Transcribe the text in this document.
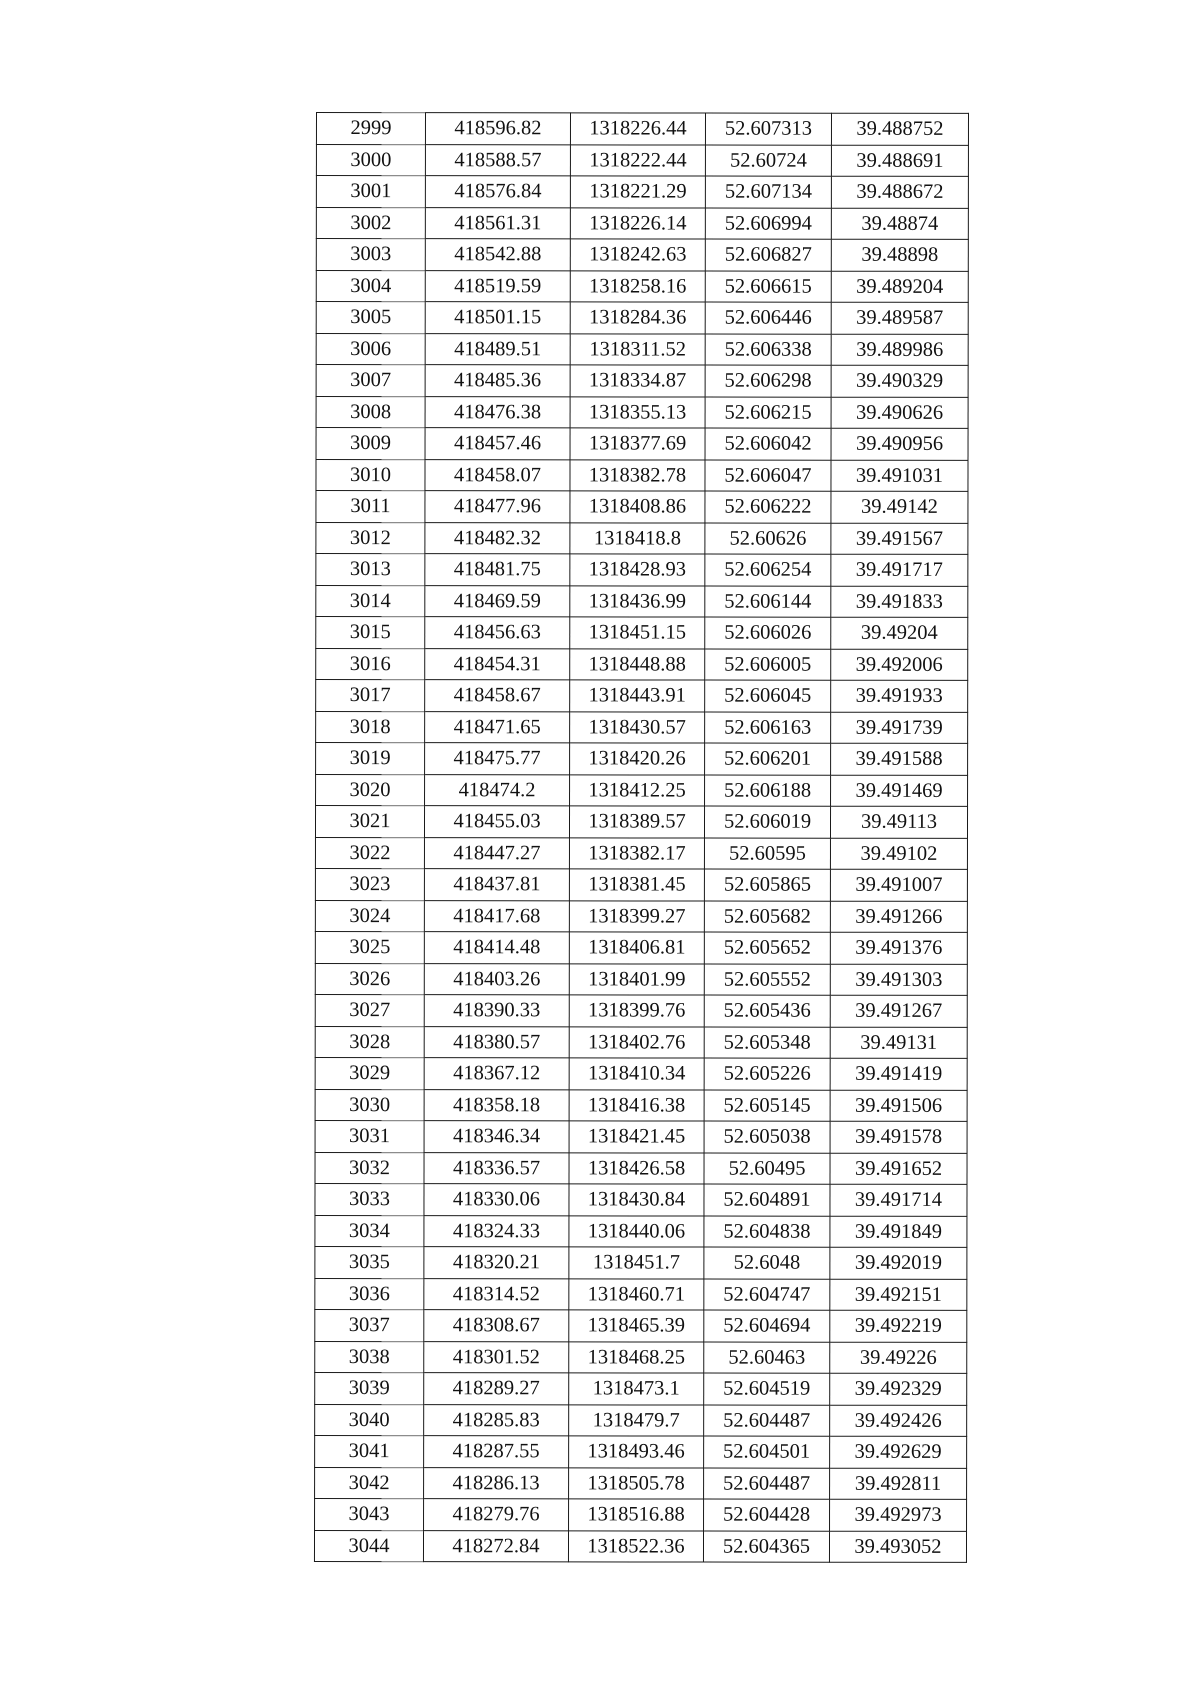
2999	418596.82	1318226.44	52.607313	39.488752
3000	418588.57	1318222.44	52.60724	39.488691
3001	418576.84	1318221.29	52.607134	39.488672
3002	418561.31	1318226.14	52.606994	39.48874
3003	418542.88	1318242.63	52.606827	39.48898
3004	418519.59	1318258.16	52.606615	39.489204
3005	418501.15	1318284.36	52.606446	39.489587
3006	418489.51	1318311.52	52.606338	39.489986
3007	418485.36	1318334.87	52.606298	39.490329
3008	418476.38	1318355.13	52.606215	39.490626
3009	418457.46	1318377.69	52.606042	39.490956
3010	418458.07	1318382.78	52.606047	39.491031
3011	418477.96	1318408.86	52.606222	39.49142
3012	418482.32	1318418.8	52.60626	39.491567
3013	418481.75	1318428.93	52.606254	39.491717
3014	418469.59	1318436.99	52.606144	39.491833
3015	418456.63	1318451.15	52.606026	39.49204
3016	418454.31	1318448.88	52.606005	39.492006
3017	418458.67	1318443.91	52.606045	39.491933
3018	418471.65	1318430.57	52.606163	39.491739
3019	418475.77	1318420.26	52.606201	39.491588
3020	418474.2	1318412.25	52.606188	39.491469
3021	418455.03	1318389.57	52.606019	39.49113
3022	418447.27	1318382.17	52.60595	39.49102
3023	418437.81	1318381.45	52.605865	39.491007
3024	418417.68	1318399.27	52.605682	39.491266
3025	418414.48	1318406.81	52.605652	39.491376
3026	418403.26	1318401.99	52.605552	39.491303
3027	418390.33	1318399.76	52.605436	39.491267
3028	418380.57	1318402.76	52.605348	39.49131
3029	418367.12	1318410.34	52.605226	39.491419
3030	418358.18	1318416.38	52.605145	39.491506
3031	418346.34	1318421.45	52.605038	39.491578
3032	418336.57	1318426.58	52.60495	39.491652
3033	418330.06	1318430.84	52.604891	39.491714
3034	418324.33	1318440.06	52.604838	39.491849
3035	418320.21	1318451.7	52.6048	39.492019
3036	418314.52	1318460.71	52.604747	39.492151
3037	418308.67	1318465.39	52.604694	39.492219
3038	418301.52	1318468.25	52.60463	39.49226
3039	418289.27	1318473.1	52.604519	39.492329
3040	418285.83	1318479.7	52.604487	39.492426
3041	418287.55	1318493.46	52.604501	39.492629
3042	418286.13	1318505.78	52.604487	39.492811
3043	418279.76	1318516.88	52.604428	39.492973
3044	418272.84	1318522.36	52.604365	39.493052
